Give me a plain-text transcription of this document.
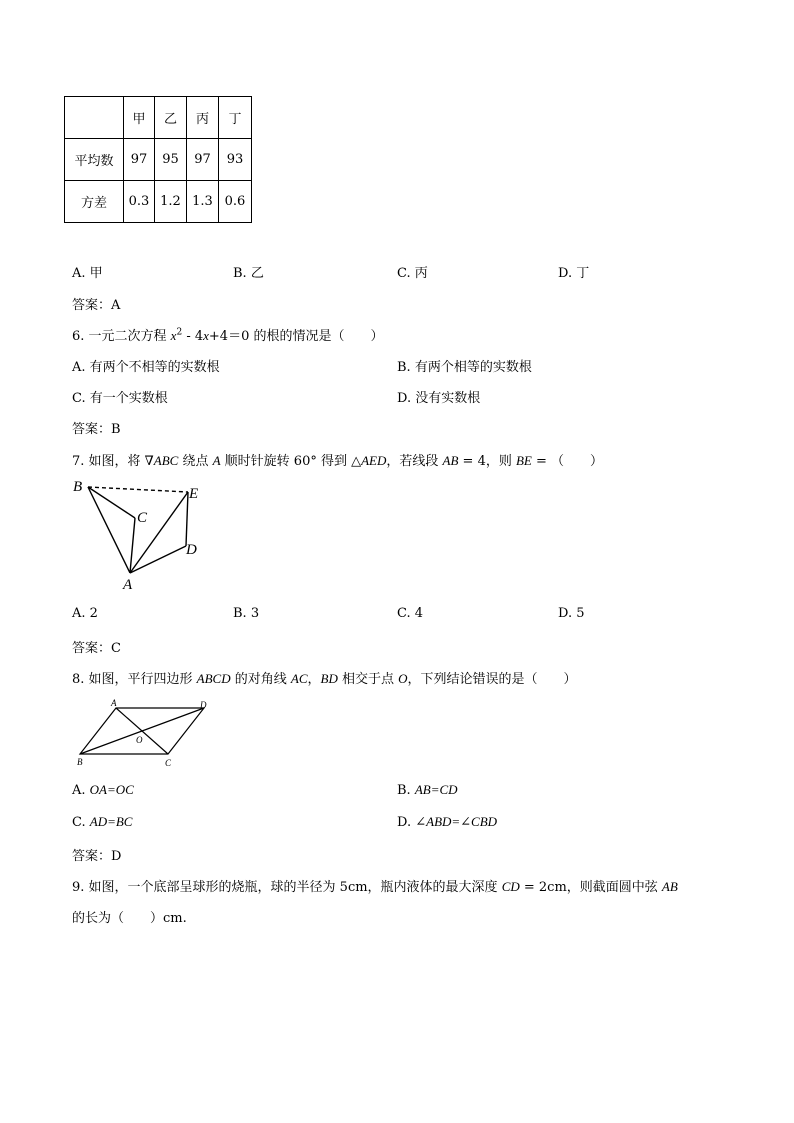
	甲	乙	丙	丁
平均数	97	95	97	93
方差	0.3	1.2	1.3	0.6
A. 甲	B. 乙	C. 丙	D. 丁
答案：A
6. 一元二次方程 $x^2 - 4x+4=0$ 的根的情况是（　　）
A. 有两个不相等的实数根	B. 有两个相等的实数根
C. 有一个实数根	D. 没有实数根
答案：B
7. 如图，将 ∇ABC 绕点 A 顺时针旋转 60° 得到 △AED，若线段 AB = 4，则 BE = （　　）
B
C
E
D
A
A. 2	B. 3	C. 4	D. 5
答案：C
8. 如图，平行四边形 ABCD 的对角线 AC，BD 相交于点 O，下列结论错误的是（　　）
A	D
O
B	C
A. OA=OC	B. AB=CD
C. AD=BC	D. ∠ABD=∠CBD
答案：D
9. 如图，一个底部呈球形的烧瓶，球的半径为 5cm，瓶内液体的最大深度 CD = 2cm，则截面圆中弦 AB
的长为（　　）cm.
